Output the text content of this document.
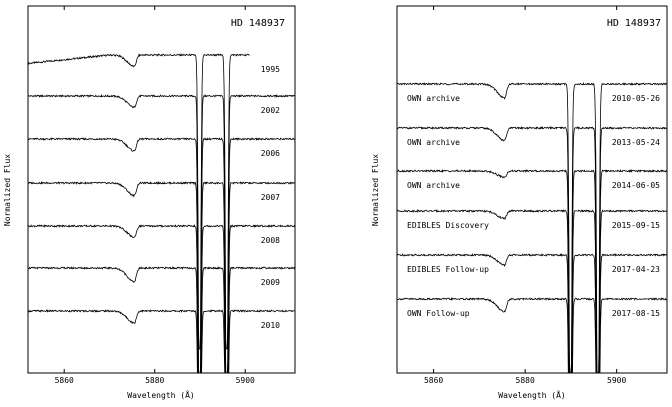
HD 148937
Wavelength (Å)
Normalized Flux
5860	5880	5900
1995
2002
2006
2007
2008
2009
2010
HD 148937
Wavelength (Å)
Normalized Flux
5860	5880	5900
OWN archive	2010-05-26
OWN archive	2013-05-24
OWN archive	2014-06-05
EDIBLES Discovery	2015-09-15
EDIBLES Follow-up	2017-04-23
OWN Follow-up	2017-08-15
